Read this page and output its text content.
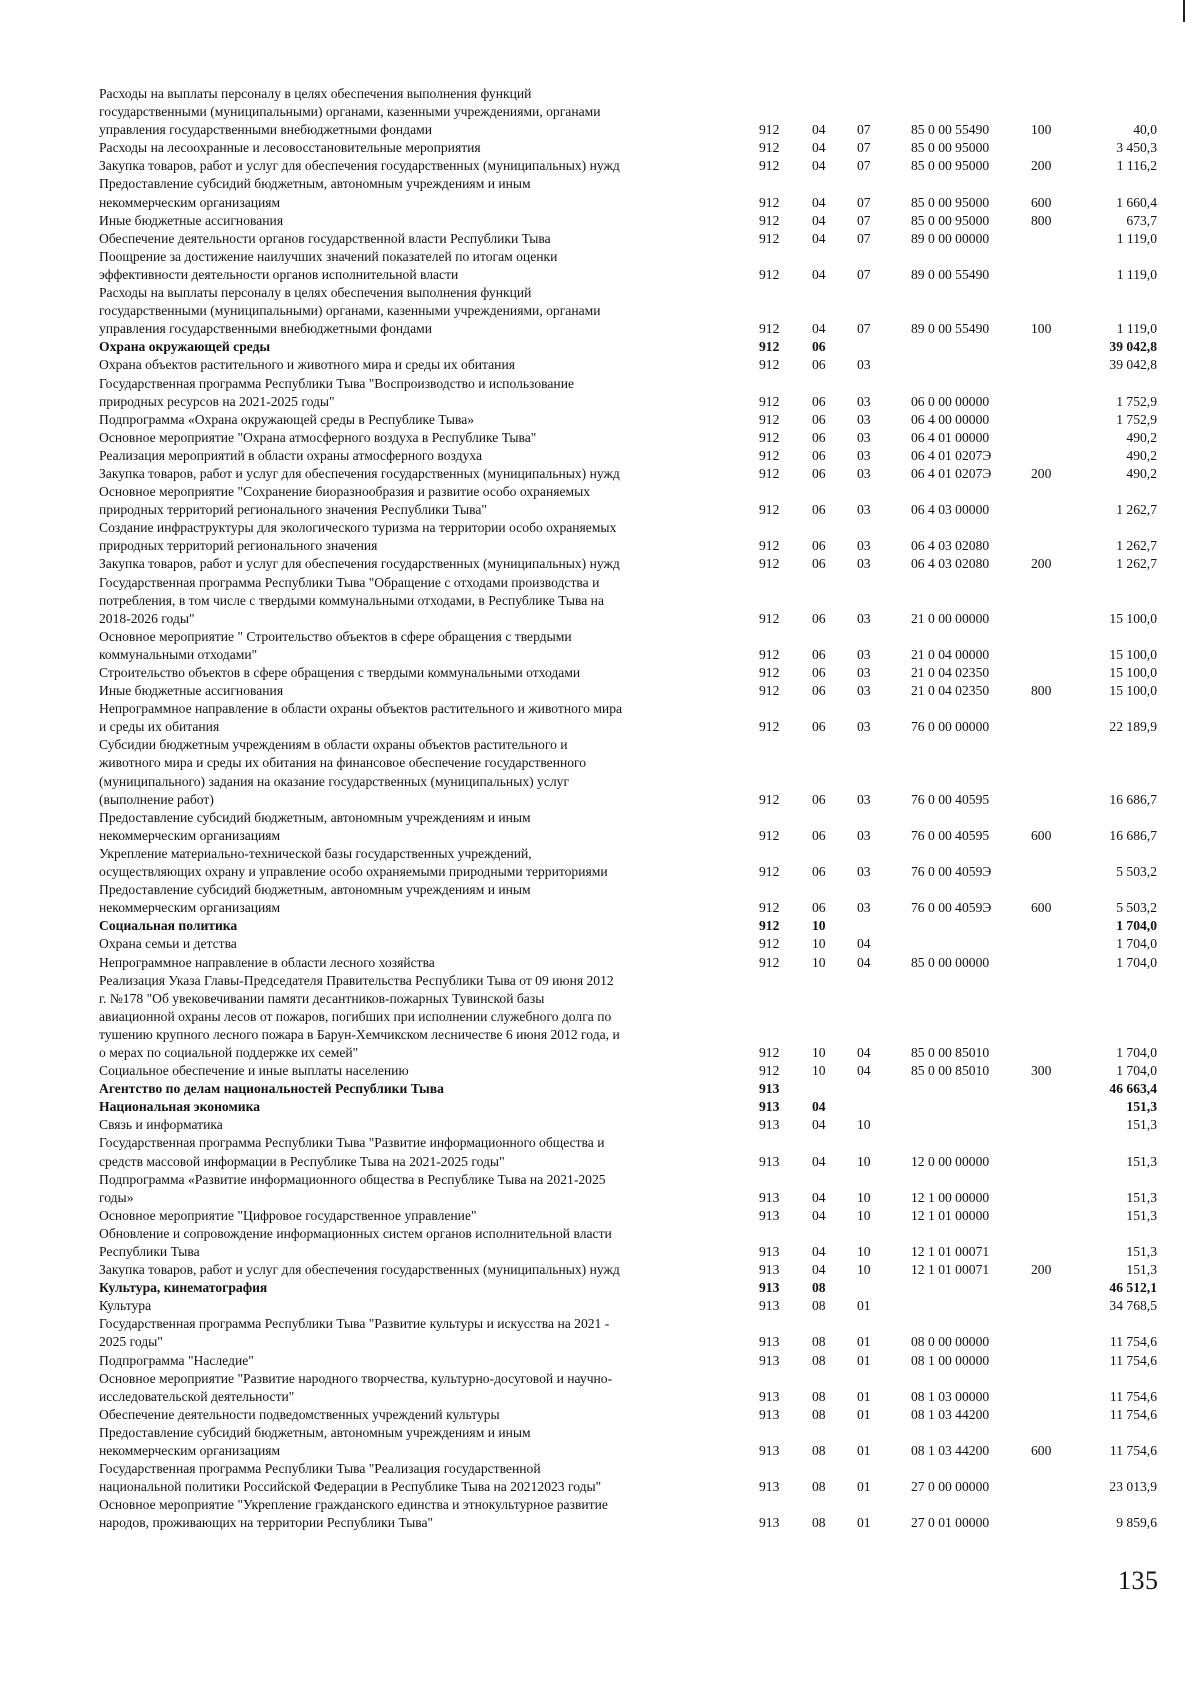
Расходы на выплаты персоналу в целях обеспечения выполнения функций
государственными (муниципальными) органами, казенными учреждениями, органами
управления государственными внебюджетными фондами	912	04	07	85 0 00 55490	100	40,0
Расходы на лесоохранные и лесовосстановительные мероприятия	912	04	07	85 0 00 95000	3 450,3
Закупка товаров, работ и услуг для обеспечения государственных (муниципальных) нужд	912	04	07	85 0 00 95000	200	1 116,2
Предоставление субсидий бюджетным, автономным учреждениям и иным
некоммерческим организациям	912	04	07	85 0 00 95000	600	1 660,4
Иные бюджетные ассигнования	912	04	07	85 0 00 95000	800	673,7
Обеспечение деятельности органов государственной власти Республики Тыва	912	04	07	89 0 00 00000	1 119,0
Поощрение за достижение наилучших значений показателей по итогам оценки
эффективности деятельности органов исполнительной власти	912	04	07	89 0 00 55490	1 119,0
Расходы на выплаты персоналу в целях обеспечения выполнения функций
государственными (муниципальными) органами, казенными учреждениями, органами
управления государственными внебюджетными фондами	912	04	07	89 0 00 55490	100	1 119,0
Охрана окружающей среды	912	06	39 042,8
Охрана объектов растительного и животного мира и среды их обитания	912	06	03	39 042,8
Государственная программа Республики Тыва "Воспроизводство и использование
природных ресурсов на 2021-2025 годы"	912	06	03	06 0 00 00000	1 752,9
Подпрограмма «Охрана окружающей среды в Республике Тыва»	912	06	03	06 4 00 00000	1 752,9
Основное мероприятие "Охрана атмосферного воздуха в Республике Тыва"	912	06	03	06 4 01 00000	490,2
Реализация мероприятий в области охраны атмосферного воздуха	912	06	03	06 4 01 0207Э	490,2
Закупка товаров, работ и услуг для обеспечения государственных (муниципальных) нужд	912	06	03	06 4 01 0207Э	200	490,2
Основное мероприятие "Сохранение биоразнообразия и развитие особо охраняемых
природных территорий регионального значения Республики Тыва"	912	06	03	06 4 03 00000	1 262,7
Создание инфраструктуры для экологического туризма на территории особо охраняемых
природных территорий регионального значения	912	06	03	06 4 03 02080	1 262,7
Закупка товаров, работ и услуг для обеспечения государственных (муниципальных) нужд	912	06	03	06 4 03 02080	200	1 262,7
Государственная программа Республики Тыва "Обращение с отходами производства и
потребления, в том числе с твердыми коммунальными отходами, в Республике Тыва на
2018-2026 годы"	912	06	03	21 0 00 00000	15 100,0
Основное мероприятие " Строительство объектов в сфере обращения с твердыми
коммунальными отходами"	912	06	03	21 0 04 00000	15 100,0
Строительство объектов в сфере обращения с твердыми коммунальными отходами	912	06	03	21 0 04 02350	15 100,0
Иные бюджетные ассигнования	912	06	03	21 0 04 02350	800	15 100,0
Непрограммное направление в области охраны объектов растительного и животного мира
и среды их обитания	912	06	03	76 0 00 00000	22 189,9
Субсидии бюджетным учреждениям в области охраны объектов растительного и
животного мира и среды их обитания на финансовое обеспечение государственного
(муниципального) задания на оказание государственных (муниципальных) услуг
(выполнение работ)	912	06	03	76 0 00 40595	16 686,7
Предоставление субсидий бюджетным, автономным учреждениям и иным
некоммерческим организациям	912	06	03	76 0 00 40595	600	16 686,7
Укрепление материально-технической базы государственных учреждений,
осуществляющих охрану и управление особо охраняемыми природными территориями	912	06	03	76 0 00 4059Э	5 503,2
Предоставление субсидий бюджетным, автономным учреждениям и иным
некоммерческим организациям	912	06	03	76 0 00 4059Э	600	5 503,2
Социальная политика	912	10	1 704,0
Охрана семьи и детства	912	10	04	1 704,0
Непрограммное направление в области лесного хозяйства	912	10	04	85 0 00 00000	1 704,0
Реализация Указа Главы-Председателя Правительства Республики Тыва от 09 июня 2012
г. №178 "Об увековечивании памяти десантников-пожарных Тувинской базы
авиационной охраны лесов от пожаров, погибших при исполнении служебного долга по
тушению крупного лесного пожара в Барун-Хемчикском лесничестве 6 июня 2012 года, и
о мерах по социальной поддержке их семей"	912	10	04	85 0 00 85010	1 704,0
Социальное обеспечение и иные выплаты населению	912	10	04	85 0 00 85010	300	1 704,0
Агентство по делам национальностей Республики Тыва	913	46 663,4
Национальная экономика	913	04	151,3
Связь и информатика	913	04	10	151,3
Государственная программа Республики Тыва "Развитие информационного общества и
средств массовой информации в Республике Тыва на 2021-2025 годы"	913	04	10	12 0 00 00000	151,3
Подпрограмма «Развитие информационного общества в Республике Тыва на 2021-2025
годы»	913	04	10	12 1 00 00000	151,3
Основное мероприятие "Цифровое государственное управление"	913	04	10	12 1 01 00000	151,3
Обновление и сопровождение информационных систем органов исполнительной власти
Республики Тыва	913	04	10	12 1 01 00071	151,3
Закупка товаров, работ и услуг для обеспечения государственных (муниципальных) нужд	913	04	10	12 1 01 00071	200	151,3
Культура, кинематография	913	08	46 512,1
Культура	913	08	01	34 768,5
Государственная программа Республики Тыва "Развитие культуры и искусства на 2021 -
2025 годы"	913	08	01	08 0 00 00000	11 754,6
Подпрограмма "Наследие"	913	08	01	08 1 00 00000	11 754,6
Основное мероприятие "Развитие народного творчества, культурно-досуговой и научно-
исследовательской деятельности"	913	08	01	08 1 03 00000	11 754,6
Обеспечение деятельности подведомственных учреждений культуры	913	08	01	08 1 03 44200	11 754,6
Предоставление субсидий бюджетным, автономным учреждениям и иным
некоммерческим организациям	913	08	01	08 1 03 44200	600	11 754,6
Государственная программа Республики Тыва "Реализация государственной
национальной политики Российской Федерации в Республике Тыва на 20212023 годы"	913	08	01	27 0 00 00000	23 013,9
Основное мероприятие "Укрепление гражданского единства и этнокультурное развитие
народов, проживающих на территории Республики Тыва"	913	08	01	27 0 01 00000	9 859,6
135
